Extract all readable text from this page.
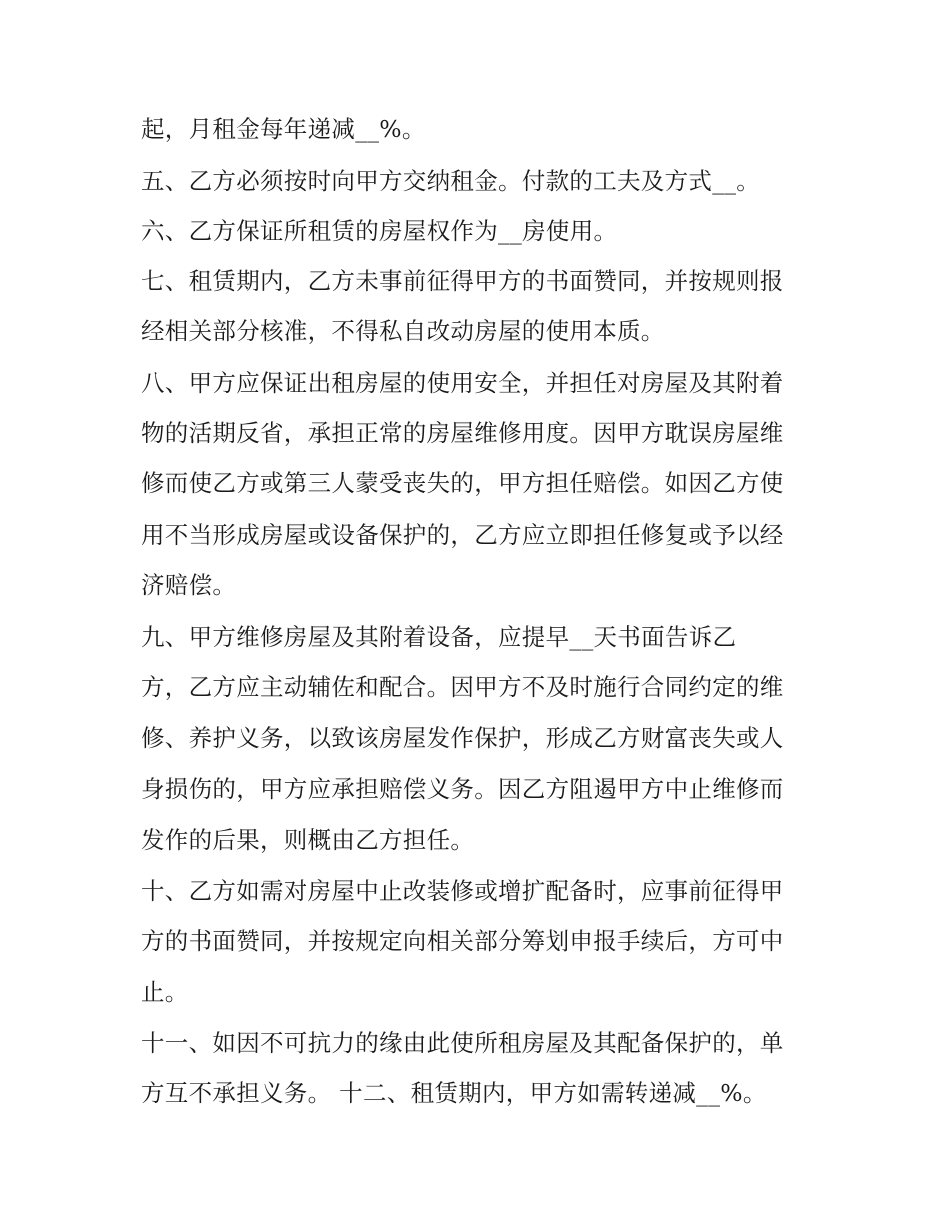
起，月租金每年递减__%。
五、乙方必须按时向甲方交纳租金。付款的工夫及方式__。
六、乙方保证所租赁的房屋权作为__房使用。
七、租赁期内，乙方未事前征得甲方的书面赞同，并按规则报
经相关部分核准，不得私自改动房屋的使用本质。
八、甲方应保证出租房屋的使用安全，并担任对房屋及其附着
物的活期反省，承担正常的房屋维修用度。因甲方耽误房屋维
修而使乙方或第三人蒙受丧失的，甲方担任赔偿。如因乙方使
用不当形成房屋或设备保护的，乙方应立即担任修复或予以经
济赔偿。
九、甲方维修房屋及其附着设备，应提早__天书面告诉乙
方，乙方应主动辅佐和配合。因甲方不及时施行合同约定的维
修、养护义务，以致该房屋发作保护，形成乙方财富丧失或人
身损伤的，甲方应承担赔偿义务。因乙方阻遏甲方中止维修而
发作的后果，则概由乙方担任。
十、乙方如需对房屋中止改装修或增扩配备时，应事前征得甲
方的书面赞同，并按规定向相关部分筹划申报手续后，方可中
止。
十一、如因不可抗力的缘由此使所租房屋及其配备保护的，单
方互不承担义务。 十二、租赁期内，甲方如需转递减__%。
